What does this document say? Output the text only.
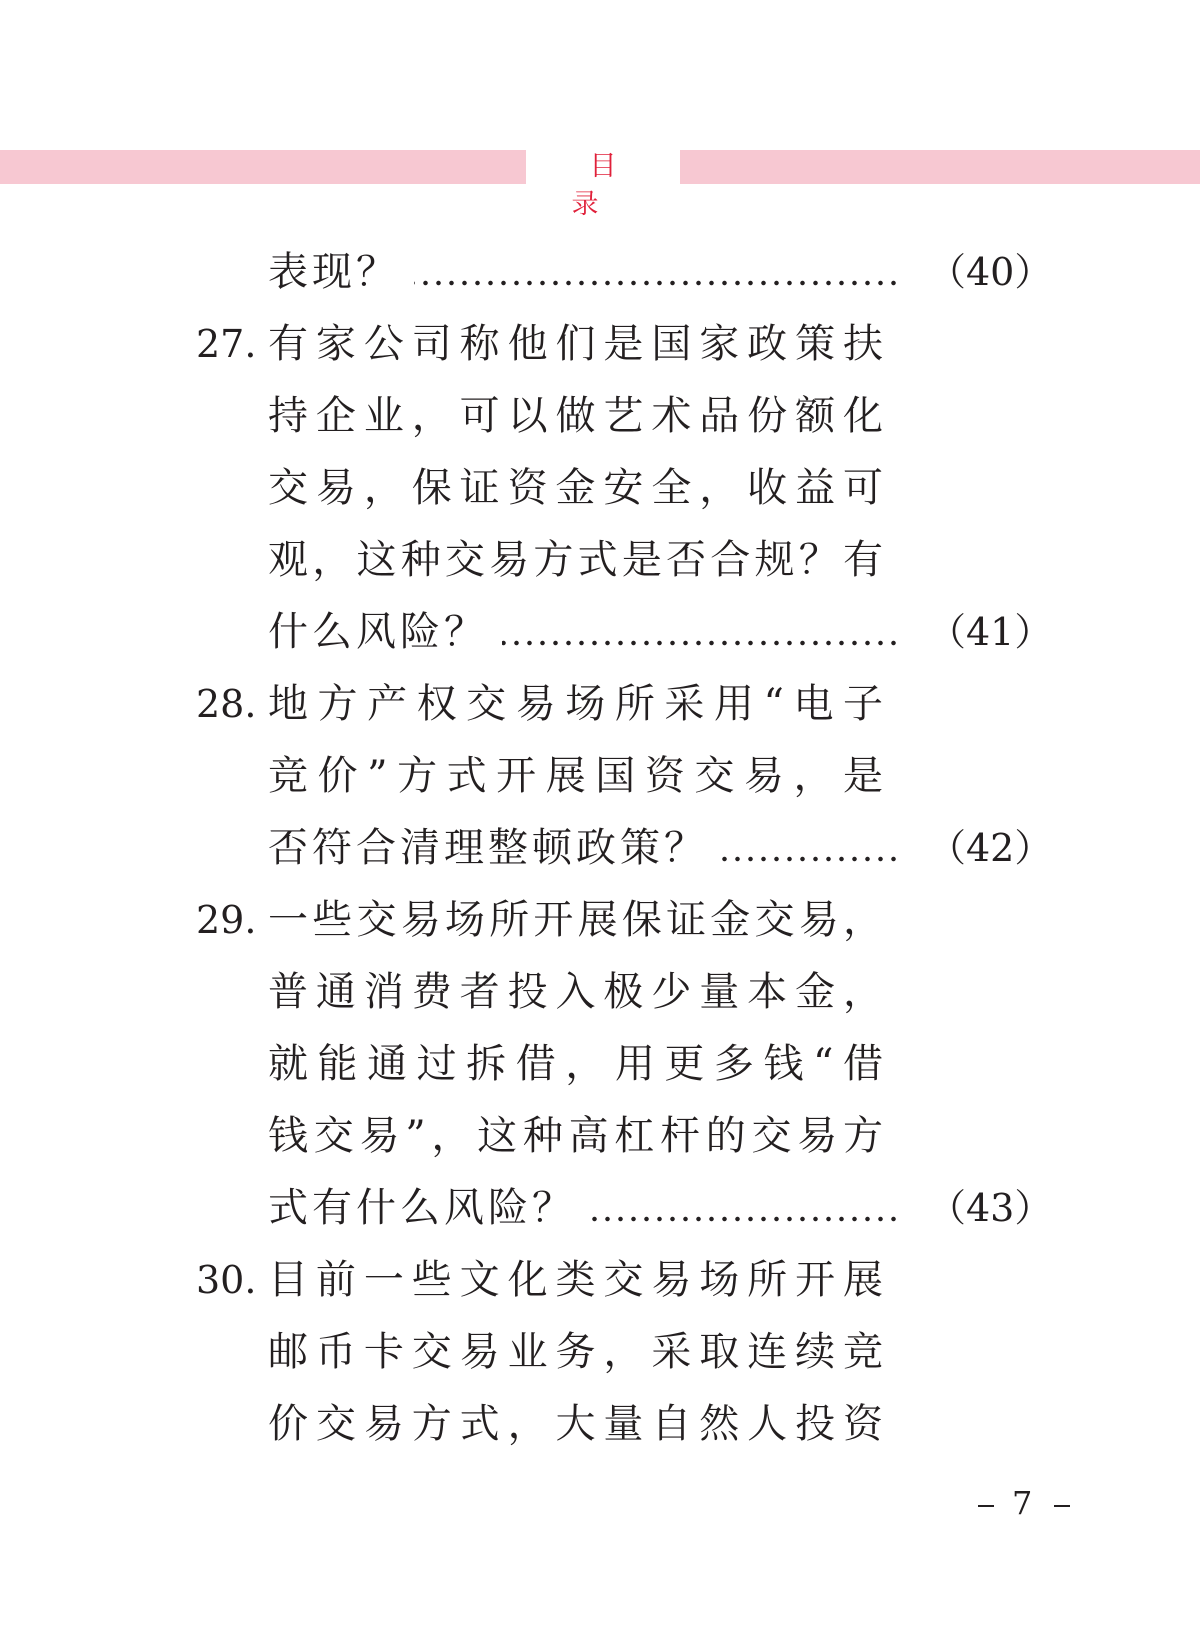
目 录
表现？	（40）
27. 有家公司称他们是国家政策扶
持企业，可以做艺术品份额化
交易，保证资金安全，收益可
观，这种交易方式是否合规？有
什么风险？	（41）
28. 地方产权交易场所采用“电子
竞价”方式开展国资交易，是
否符合清理整顿政策？	（42）
29. 一些交易场所开展保证金交易，
普通消费者投入极少量本金，
就能通过拆借，用更多钱“借
钱交易”，这种高杠杆的交易方
式有什么风险？	（43）
30. 目前一些文化类交易场所开展
邮币卡交易业务，采取连续竞
价交易方式，大量自然人投资
7
